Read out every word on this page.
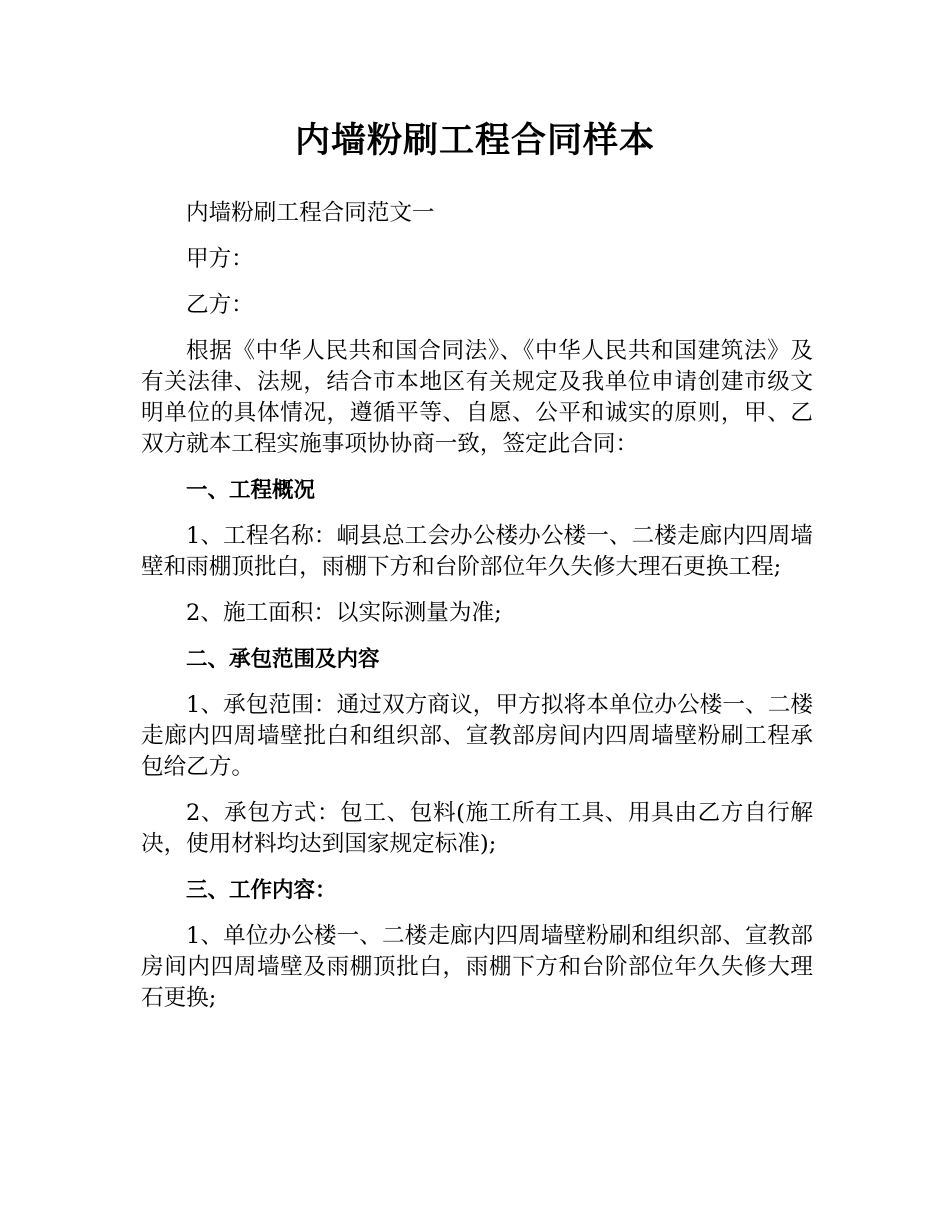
内墙粉刷工程合同样本

内墙粉刷工程合同范文一

甲方：

乙方：

根据《中华人民共和国合同法》、《中华人民共和国建筑法》及有关法律、法规，结合市本地区有关规定及我单位申请创建市级文明单位的具体情况，遵循平等、自愿、公平和诚实的原则，甲、乙双方就本工程实施事项协协商一致，签定此合同：

一、工程概况

1、工程名称：峒县总工会办公楼办公楼一、二楼走廊内四周墙壁和雨棚顶批白，雨棚下方和台阶部位年久失修大理石更换工程;

2、施工面积：以实际测量为准;

二、承包范围及内容

1、承包范围：通过双方商议，甲方拟将本单位办公楼一、二楼走廊内四周墙壁批白和组织部、宣教部房间内四周墙壁粉刷工程承包给乙方。

2、承包方式：包工、包料(施工所有工具、用具由乙方自行解决，使用材料均达到国家规定标准);

三、工作内容：

1、单位办公楼一、二楼走廊内四周墙壁粉刷和组织部、宣教部房间内四周墙壁及雨棚顶批白，雨棚下方和台阶部位年久失修大理石更换;
